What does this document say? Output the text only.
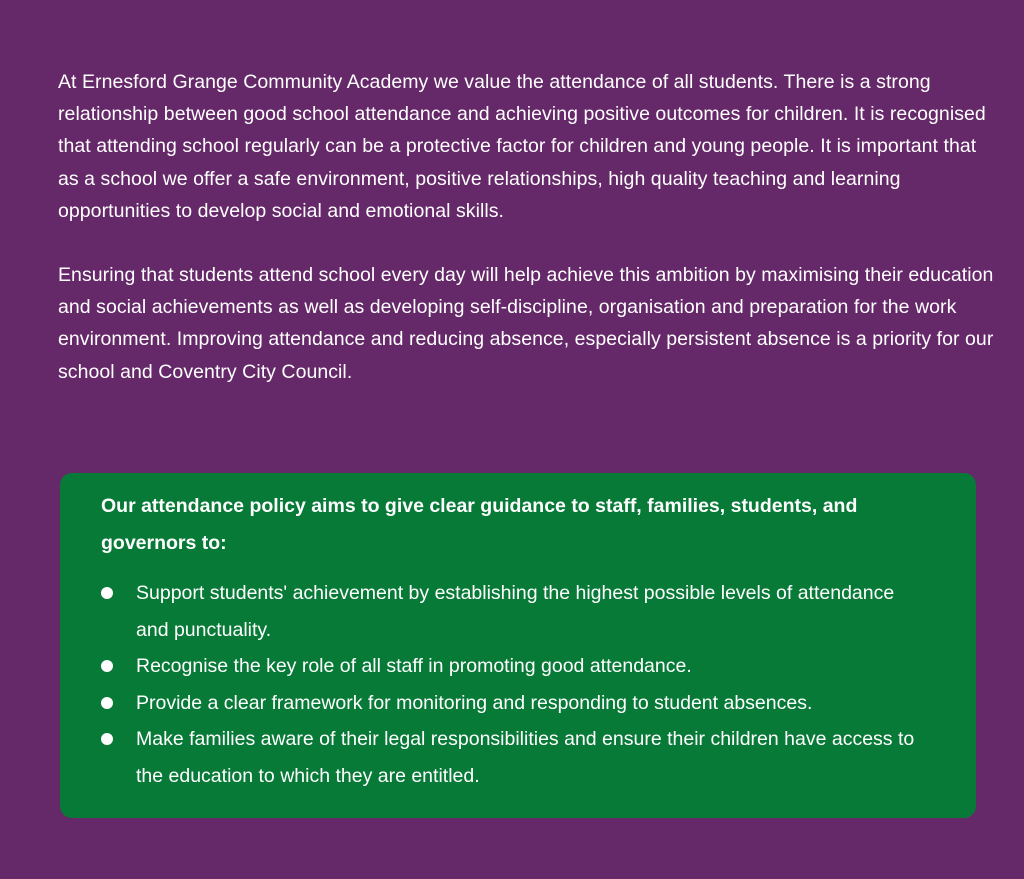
At Ernesford Grange Community Academy we value the attendance of all students. There is a strong relationship between good school attendance and achieving positive outcomes for children. It is recognised that attending school regularly can be a protective factor for children and young people. It is important that as a school we offer a safe environment, positive relationships, high quality teaching and learning opportunities to develop social and emotional skills.

Ensuring that students attend school every day will help achieve this ambition by maximising their education and social achievements as well as developing self-discipline, organisation and preparation for the work environment. Improving attendance and reducing absence, especially persistent absence is a priority for our school and Coventry City Council.

Our attendance policy aims to give clear guidance to staff, families, students, and governors to:

Support students' achievement by establishing the highest possible levels of attendance and punctuality.
Recognise the key role of all staff in promoting good attendance.
Provide a clear framework for monitoring and responding to student absences.
Make families aware of their legal responsibilities and ensure their children have access to the education to which they are entitled.
